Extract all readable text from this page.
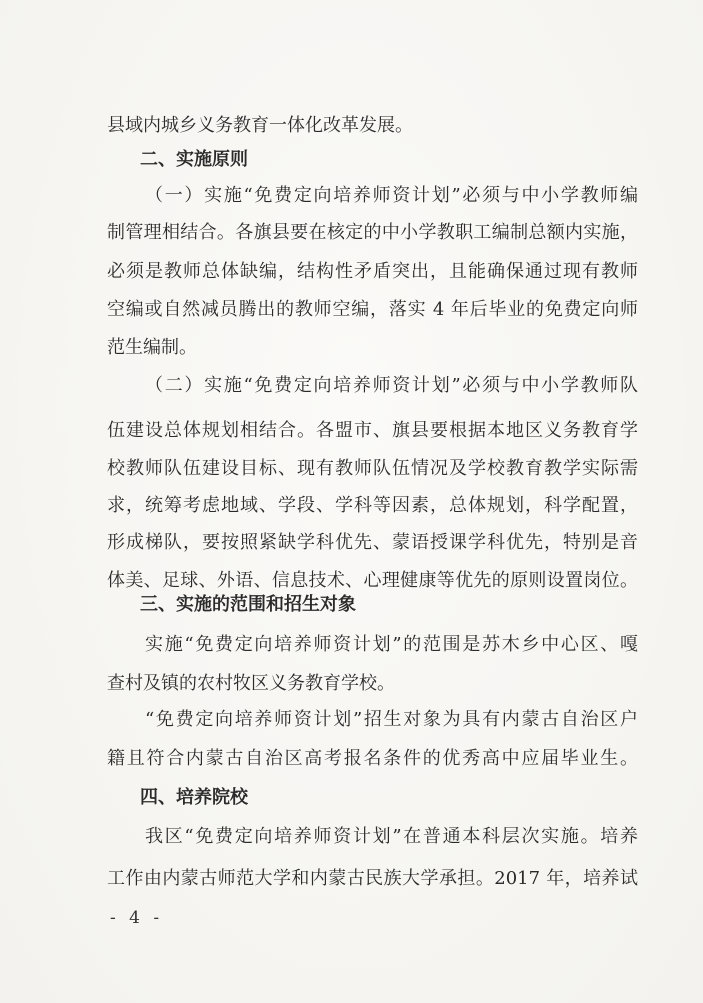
县域内城乡义务教育一体化改革发展。
二、实施原则
（一）实施“免费定向培养师资计划”必须与中小学教师编
制管理相结合。各旗县要在核定的中小学教职工编制总额内实施，
必须是教师总体缺编，结构性矛盾突出，且能确保通过现有教师
空编或自然减员腾出的教师空编，落实 4 年后毕业的免费定向师
范生编制。
（二）实施“免费定向培养师资计划”必须与中小学教师队
伍建设总体规划相结合。各盟市、旗县要根据本地区义务教育学
校教师队伍建设目标、现有教师队伍情况及学校教育教学实际需
求，统筹考虑地域、学段、学科等因素，总体规划，科学配置，
形成梯队，要按照紧缺学科优先、蒙语授课学科优先，特别是音
体美、足球、外语、信息技术、心理健康等优先的原则设置岗位。
三、实施的范围和招生对象
实施“免费定向培养师资计划”的范围是苏木乡中心区、嘎
查村及镇的农村牧区义务教育学校。
“免费定向培养师资计划”招生对象为具有内蒙古自治区户
籍且符合内蒙古自治区高考报名条件的优秀高中应届毕业生。
四、培养院校
我区“免费定向培养师资计划”在普通本科层次实施。培养
工作由内蒙古师范大学和内蒙古民族大学承担。2017 年，培养试
- 4 -
